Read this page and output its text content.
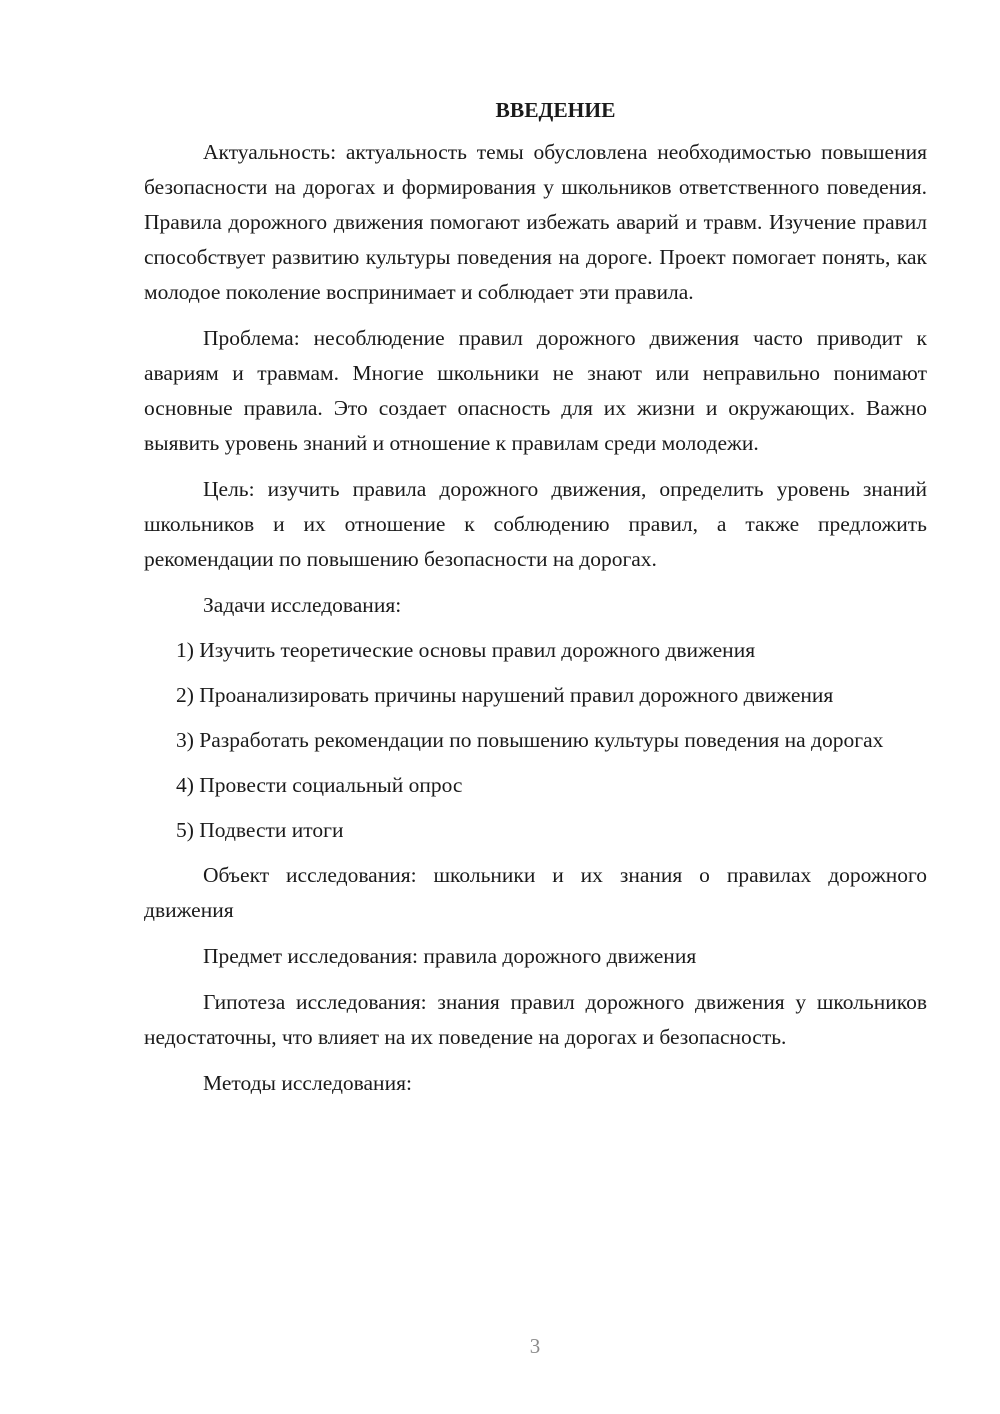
ВВЕДЕНИЕ

Актуальность: актуальность темы обусловлена необходимостью повышения безопасности на дорогах и формирования у школьников ответственного поведения. Правила дорожного движения помогают избежать аварий и травм. Изучение правил способствует развитию культуры поведения на дороге. Проект помогает понять, как молодое поколение воспринимает и соблюдает эти правила.

Проблема: несоблюдение правил дорожного движения часто приводит к авариям и травмам. Многие школьники не знают или неправильно понимают основные правила. Это создает опасность для их жизни и окружающих. Важно выявить уровень знаний и отношение к правилам среди молодежи.

Цель: изучить правила дорожного движения, определить уровень знаний школьников и их отношение к соблюдению правил, а также предложить рекомендации по повышению безопасности на дорогах.

Задачи исследования:

1) Изучить теоретические основы правил дорожного движения

2) Проанализировать причины нарушений правил дорожного движения

3) Разработать рекомендации по повышению культуры поведения на дорогах

4) Провести социальный опрос

5) Подвести итоги

Объект исследования: школьники и их знания о правилах дорожного движения

Предмет исследования: правила дорожного движения

Гипотеза исследования: знания правил дорожного движения у школьников недостаточны, что влияет на их поведение на дорогах и безопасность.

Методы исследования:

3
